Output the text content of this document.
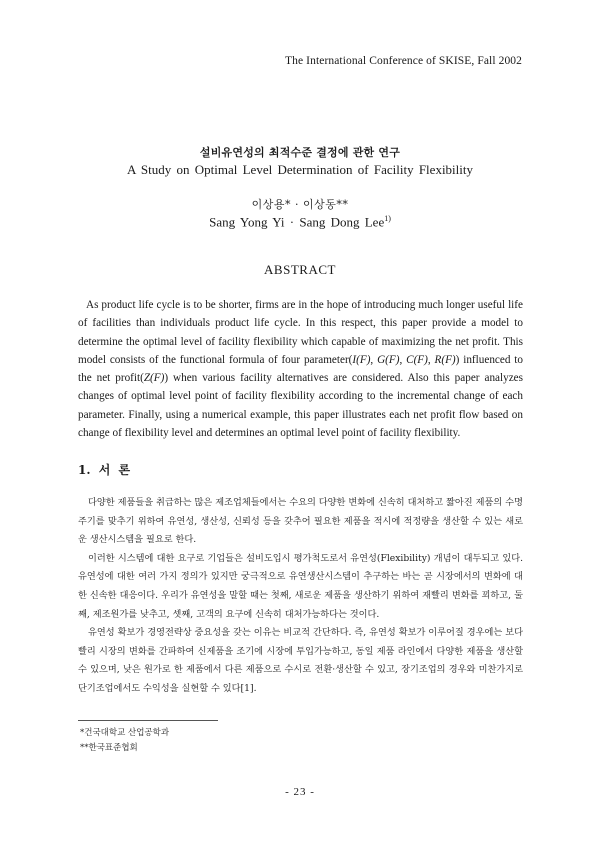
The International Conference of SKISE, Fall 2002
설비유연성의 최적수준 결정에 관한 연구
A Study on Optimal Level Determination of Facility Flexibility
이상용* · 이상동**
Sang Yong Yi · Sang Dong Lee$^{1)}$
ABSTRACT
As product life cycle is to be shorter, firms are in the hope of introducing much longer useful life of facilities than individuals product life cycle. In this respect, this paper provide a model to determine the optimal level of facility flexibility which capable of maximizing the net profit. This model consists of the functional formula of four parameter(I(F), G(F), C(F), R(F)) influenced to the net profit(Z(F)) when various facility alternatives are considered. Also this paper analyzes changes of optimal level point of facility flexibility according to the incremental change of each parameter. Finally, using a numerical example, this paper illustrates each net profit flow based on change of flexibility level and determines an optimal level point of facility flexibility.
1. 서 론

다양한 제품들을 취급하는 많은 제조업체들에서는 수요의 다양한 변화에 신속히 대처하고 짧아진 제품의 수명주기를 맞추기 위하여 유연성, 생산성, 신뢰성 등을 갖추어 필요한 제품을 적시에 적정량을 생산할 수 있는 새로운 생산시스템을 필요로 한다.

이러한 시스템에 대한 요구로 기업들은 설비도입시 평가척도로서 유연성(Flexibility) 개념이 대두되고 있다. 유연성에 대한 여러 가지 정의가 있지만 궁극적으로 유연생산시스템이 추구하는 바는 곧 시장에서의 변화에 대한 신속한 대응이다. 우리가 유연성을 말할 때는 첫째, 새로운 제품을 생산하기 위하여 재빨리 변화를 꾀하고, 둘째, 제조원가를 낮추고, 셋째, 고객의 요구에 신속히 대처가능하다는 것이다.

유연성 확보가 경영전략상 중요성을 갖는 이유는 비교적 간단하다. 즉, 유연성 확보가 이루어질 경우에는 보다 빨리 시장의 변화를 간파하여 신제품을 조기에 시장에 투입가능하고, 동일 제품 라인에서 다양한 제품을 생산할 수 있으며, 낮은 원가로 한 제품에서 다른 제품으로 수시로 전환·생산할 수 있고, 장기조업의 경우와 미찬가지로 단기조업에서도 수익성을 실현할 수 있다[1].

*건국대학교 산업공학과
**한국표준협회
- 23 -
